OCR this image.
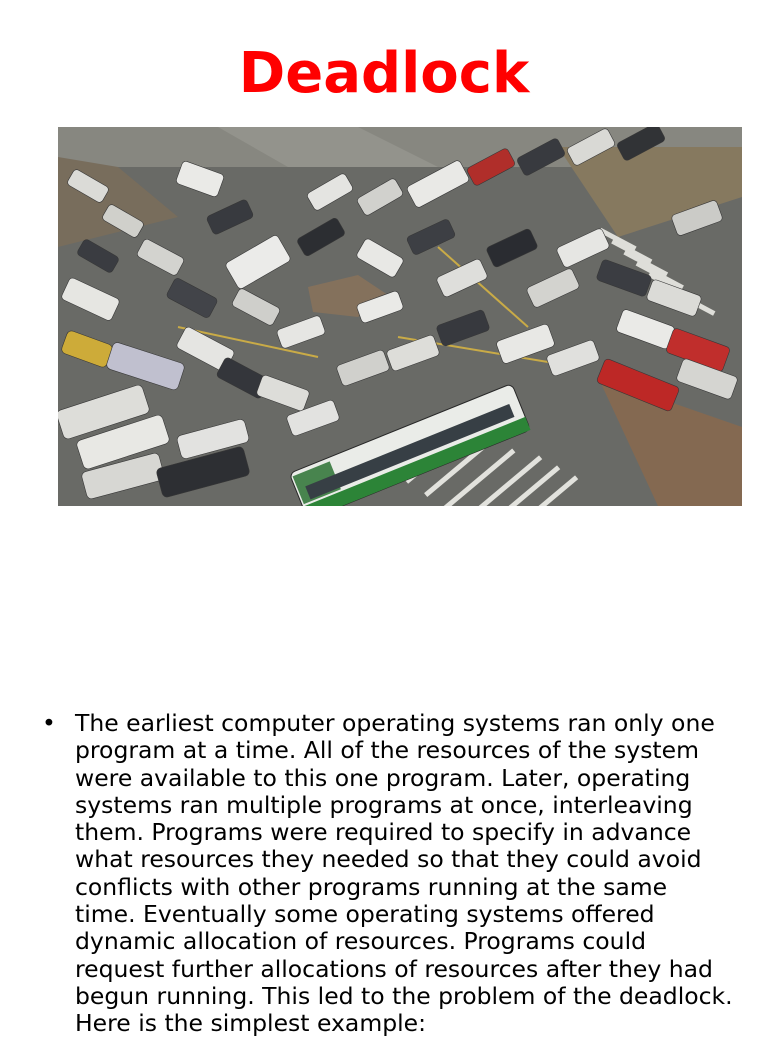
Deadlock
• The earliest computer operating systems ran only one program at a time. All of the resources of the system were available to this one program. Later, operating systems ran multiple programs at once, interleaving them. Programs were required to specify in advance what resources they needed so that they could avoid conflicts with other programs running at the same time. Eventually some operating systems offered dynamic allocation of resources. Programs could request further allocations of resources after they had begun running. This led to the problem of the deadlock. Here is the simplest example:
